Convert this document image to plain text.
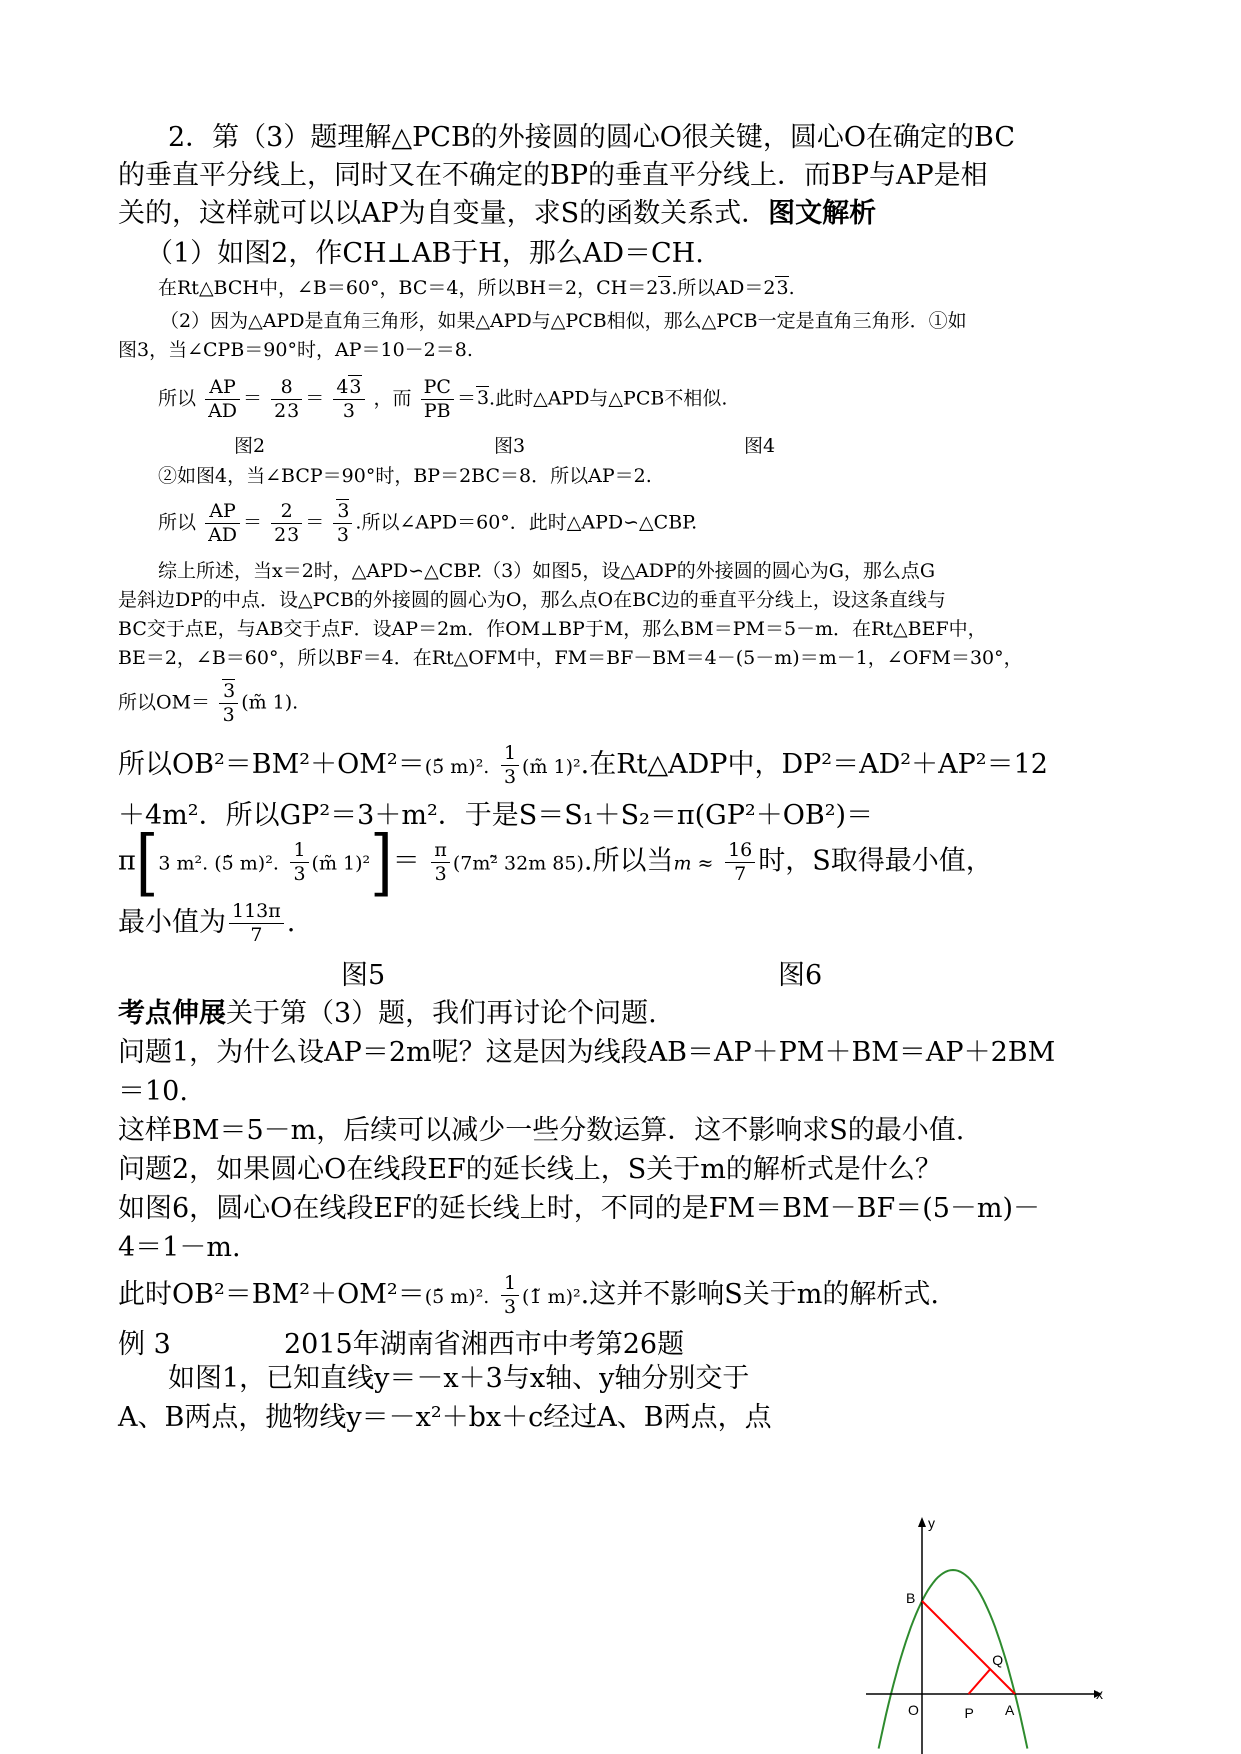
2．第（3）题理解△PCB的外接圆的圆心O很关键，圆心O在确定的BC
的垂直平分线上，同时又在不确定的BP的垂直平分线上．而BP与AP是相
关的，这样就可以以AP为自变量，求S的函数关系式．图文解析
（1）如图2，作CH⊥AB于H，那么AD＝CH.
在Rt△BCH中，∠B＝60°，BC＝4，所以BH＝2，CH＝23.所以AD＝23.
（2）因为△APD是直角三角形，如果△APD与△PCB相似，那么△PCB一定是直角三角形．①如
图3，当∠CPB＝90°时，AP＝10－2＝8.
所以 $\frac{AP}{AD} = \frac{8}{23} = \frac{43}{3}$ ，而 $\frac{PC}{PB} =3$.此时△APD与△PCB不相似.
图2	图3	图4
②如图4，当∠BCP＝90°时，BP＝2BC＝8．所以AP＝2.
所以 $\frac{AP}{AD} = \frac{2}{23} = \frac{3}{3}$ .所以∠APD＝60°．此时△APD∽△CBP.
综上所述，当x＝2时，△APD∽△CBP.（3）如图5，设△ADP的外接圆的圆心为G，那么点G
是斜边DP的中点．设△PCB的外接圆的圆心为O，那么点O在BC边的垂直平分线上，设这条直线与
BC交于点E，与AB交于点F．设AP＝2m．作OM⊥BP于M，那么BM＝PM＝5－m．在Rt△BEF中，
BE＝2，∠B＝60°，所以BF＝4．在Rt△OFM中，FM＝BF－BM＝4－(5－m)＝m－1，∠OFM＝30°，
所以$OM= \frac{3}{3}$ (m̃ 1).
所以OB²＝BM²＋OM²＝(5̃ m)². $\frac{1}{3}$ (m̃ 1)².在Rt△ADP中，DP²＝AD²＋AP²＝12
＋4m²．所以GP²＝3＋m²．于是S＝S₁＋S₂＝π(GP²＋OB²)＝
π[3 m². (5̃ m)². $\frac{1}{3}$ (m̃ $1)^2]= \frac{\pi}{3}$ (7m²̃ 32m 85).所以当$m \approx \frac{16}{7}$ 时，S取得最小值，
最小值为 $\frac{113\pi}{7}$ .
图5	图6
考点伸展关于第（3）题，我们再讨论个问题.
问题1，为什么设AP＝2m呢？这是因为线段AB＝AP＋PM＋BM＝AP＋2BM
＝10.
这样BM＝5－m，后续可以减少一些分数运算．这不影响求S的最小值.
问题2，如果圆心O在线段EF的延长线上，S关于m的解析式是什么？
如图6，圆心O在线段EF的延长线上时，不同的是FM＝BM－BF＝(5－m)－
4＝1－m.
此时OB²＝BM²＋OM²＝(5̃ m)². $\frac{1}{3}$ (1̃ m)².这并不影响S关于m的解析式.
例 3	2015年湖南省湘西市中考第26题
如图1，已知直线y＝－x＋3与x轴、y轴分别交于
A、B两点，抛物线y＝－x²＋bx＋c经过A、B两点，点
y
x
B
Q
O	P A
